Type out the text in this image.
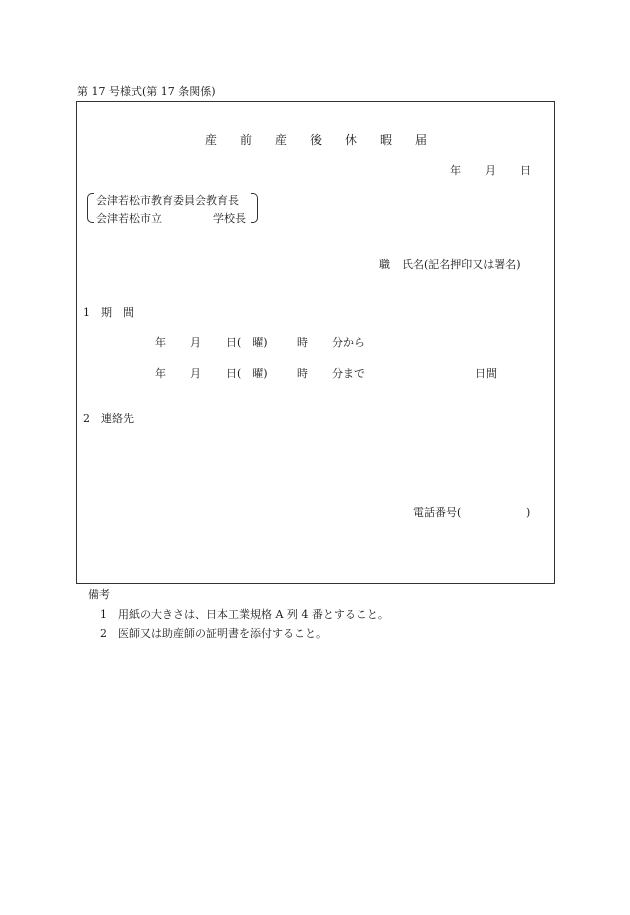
第 17 号様式(第 17 条関係)
産 前 産 後 休 暇 届
年 月 日
会津若松市教育委員会教育長
会津若松市立	学校長
職 氏名(記名押印又は署名)
1　期　間
年 月 日(　曜)	時 分から
年 月 日(　曜)	時 分まで	日間
2　連絡先
電話番号(	)
備考
1　用紙の大きさは、日本工業規格 A 列 4 番とすること。
2　医師又は助産師の証明書を添付すること。
